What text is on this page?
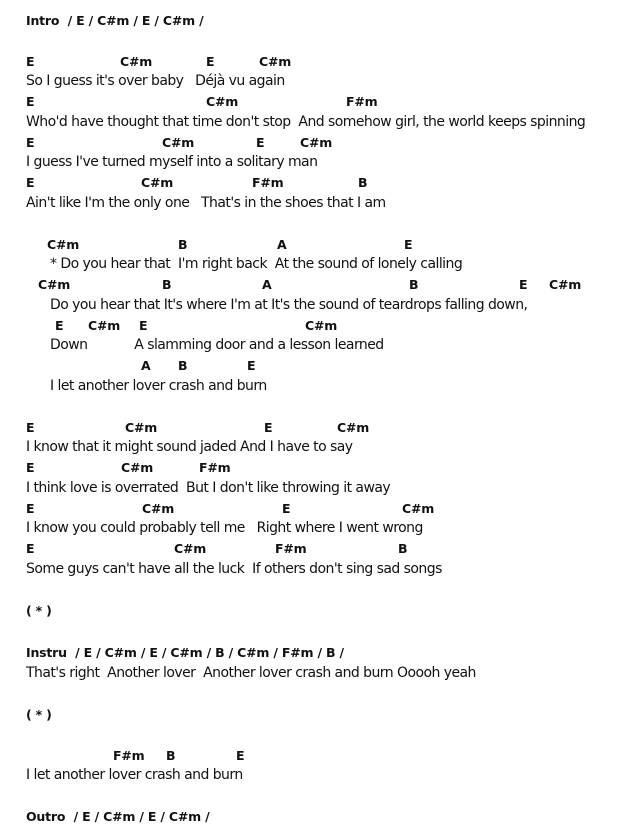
Intro / E / C#m / E / C#m /
E	C#m	E	C#m
So I guess it's over baby   Déjà vu again
E	C#m	F#m
Who'd have thought that time don't stop  And somehow girl, the world keeps spinning
E	C#m	E	C#m
I guess I've turned myself into a solitary man
E	C#m	F#m	B
Ain't like I'm the only one   That's in the shoes that I am
C#m	B	A	E
* Do you hear that  I'm right back  At the sound of lonely calling
C#m	B	A	B	E C#m
Do you hear that It's where I'm at It's the sound of teardrops falling down,
E C#m E	C#m
Down            A slamming door and a lesson learned
A B	E
I let another lover crash and burn
E	C#m	E	C#m
I know that it might sound jaded And I have to say
E	C#m	F#m
I think love is overrated  But I don't like throwing it away
E	C#m	E	C#m
I know you could probably tell me   Right where I went wrong
E	C#m	F#m	B
Some guys can't have all the luck  If others don't sing sad songs
( * )
Instru / E / C#m / E / C#m / B / C#m / F#m / B /
That's right  Another lover  Another lover crash and burn Ooooh yeah
( * )
F#m B	E
I let another lover crash and burn
Outro / E / C#m / E / C#m /
